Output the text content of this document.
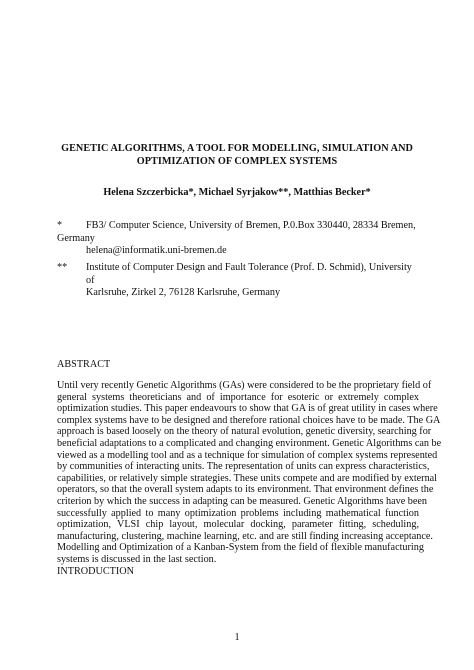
GENETIC ALGORITHMS, A TOOL FOR MODELLING, SIMULATION AND
OPTIMIZATION OF COMPLEX SYSTEMS
Helena Szczerbicka*, Michael Syrjakow**, Matthias Becker*
* FB3/ Computer Science, University of Bremen, P.0.Box 330440, 28334 Bremen,
Germany
helena@informatik.uni-bremen.de
** Institute of Computer Design and Fault Tolerance (Prof. D. Schmid), University of
Karlsruhe, Zirkel 2, 76128 Karlsruhe, Germany
ABSTRACT
Until very recently Genetic Algorithms (GAs) were considered to be the proprietary field of
general systems theoreticians and of importance for esoteric or extremely complex
optimization studies. This paper endeavours to show that GA is of great utility in cases where
complex systems have to be designed and therefore rational choices have to be made. The GA
approach is based loosely on the theory of natural evolution, genetic diversity, searching for
beneficial adaptations to a complicated and changing environment. Genetic Algorithms can be
viewed as a modelling tool and as a technique for simulation of complex systems represented
by communities of interacting units. The representation of units can express characteristics,
capabilities, or relatively simple strategies. These units compete and are modified by external
operators, so that the overall system adapts to its environment. That environment defines the
criterion by which the success in adapting can be measured. Genetic Algorithms have been
successfully applied to many optimization problems including mathematical function
optimization, VLSI chip layout, molecular docking, parameter fitting, scheduling,
manufacturing, clustering, machine learning, etc. and are still finding increasing acceptance.
Modelling and Optimization of a Kanban-System from the field of flexible manufacturing
systems is discussed in the last section.
INTRODUCTION
1
